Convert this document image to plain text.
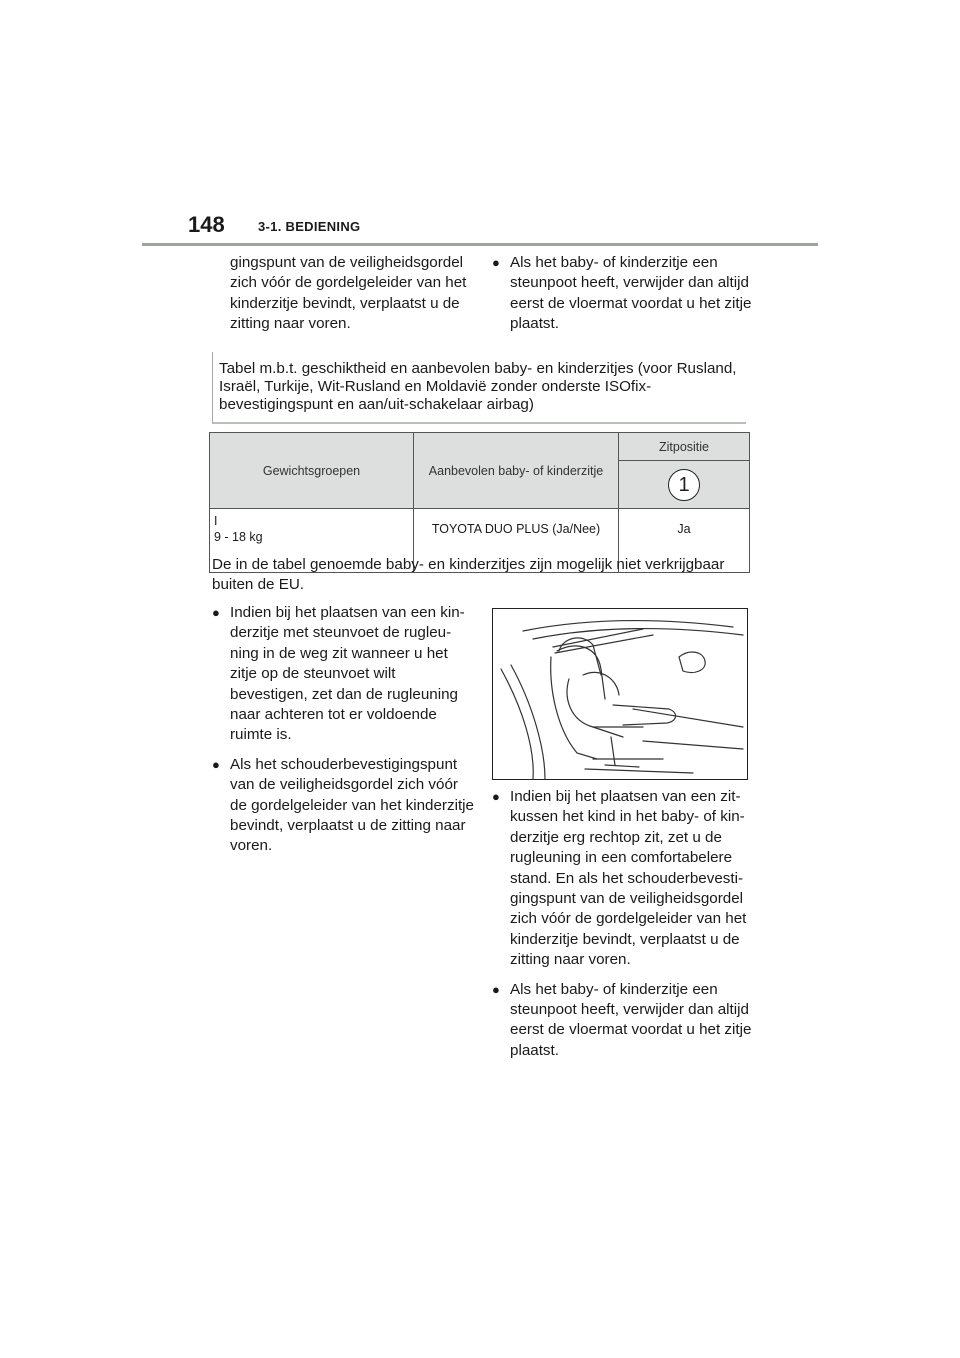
148	3-1. BEDIENING

gingspunt van de veiligheidsgordel zich vóór de gordelgeleider van het kinderzitje bevindt, verplaatst u de zitting naar voren.

● Als het baby- of kinderzitje een steunpoot heeft, verwijder dan altijd eerst de vloermat voordat u het zitje plaatst.

Tabel m.b.t. geschiktheid en aanbevolen baby- en kinderzitjes (voor Rusland, Israël, Turkije, Wit-Rusland en Moldavië zonder onderste ISOfix-bevestigingspunt en aan/uit-schakelaar airbag)

Gewichtsgroepen	Aanbevolen baby- of kinderzitje	Zitpositie
		1

I
9 - 18 kg	TOYOTA DUO PLUS (Ja/Nee)	Ja

De in de tabel genoemde baby- en kinderzitjes zijn mogelijk niet verkrijgbaar buiten de EU.

● Indien bij het plaatsen van een kin-derzitje met steunvoet de rugleu-ning in de weg zit wanneer u het zitje op de steunvoet wilt bevestigen, zet dan de rugleuning naar achteren tot er voldoende ruimte is.
● Als het schouderbevestigingspunt van de veiligheidsgordel zich vóór de gordelgeleider van het kinderzitje bevindt, verplaatst u de zitting naar voren.
● Indien bij het plaatsen van een zit-kussen het kind in het baby- of kin-derzitje erg rechtop zit, zet u de rugleuning in een comfortabelere stand. En als het schouderbevesti-gingspunt van de veiligheidsgordel zich vóór de gordelgeleider van het kinderzitje bevindt, verplaatst u de zitting naar voren.
● Als het baby- of kinderzitje een steunpoot heeft, verwijder dan altijd eerst de vloermat voordat u het zitje plaatst.
